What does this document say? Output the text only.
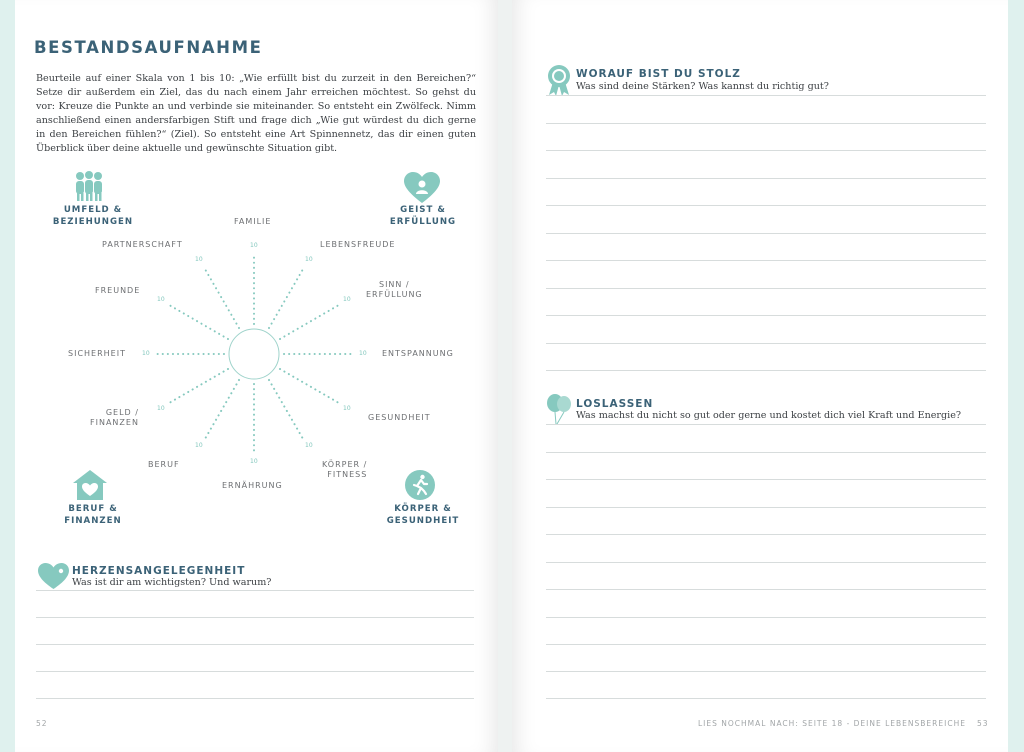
BESTANDSAUFNAHME

Beurteile auf einer Skala von 1 bis 10: „Wie erfüllt bist du zurzeit in den Bereichen?“ Setze dir außerdem ein Ziel, das du nach einem Jahr erreichen möchtest. So gehst du vor: Kreuze die Punkte an und verbinde sie miteinander. So entsteht ein Zwölfeck. Nimm anschließend einen andersfarbigen Stift und frage dich „Wie gut würdest du dich gerne in den Bereichen fühlen?“ (Ziel). So entsteht eine Art Spinnennetz, das dir einen guten Überblick über deine aktuelle und gewünschte Situation gibt.

FAMILIE
LEBENSFREUDE
SINN /
ERFÜLLUNG
ENTSPANNUNG
GESUNDHEIT
KÖRPER /
FITNESS
ERNÄHRUNG
BERUF
GELD /
FINANZEN
SICHERHEIT
FREUNDE
PARTNERSCHAFT	10
10
10
10
10
10
10
10
10
10
10
10
UMFELD &
BEZIEHUNGEN
GEIST &
ERFÜLLUNG
BERUF &
FINANZEN
KÖRPER &
GESUNDHEIT
HERZENSANGELEGENHEIT
Was ist dir am wichtigsten? Und warum?
52
WORAUF BIST DU STOLZ
Was sind deine Stärken? Was kannst du richtig gut?
LOSLASSEN
Was machst du nicht so gut oder gerne und kostet dich viel Kraft und Energie?
LIES NOCHMAL NACH: SEITE 18 - DEINE LEBENSBEREICHE 53
